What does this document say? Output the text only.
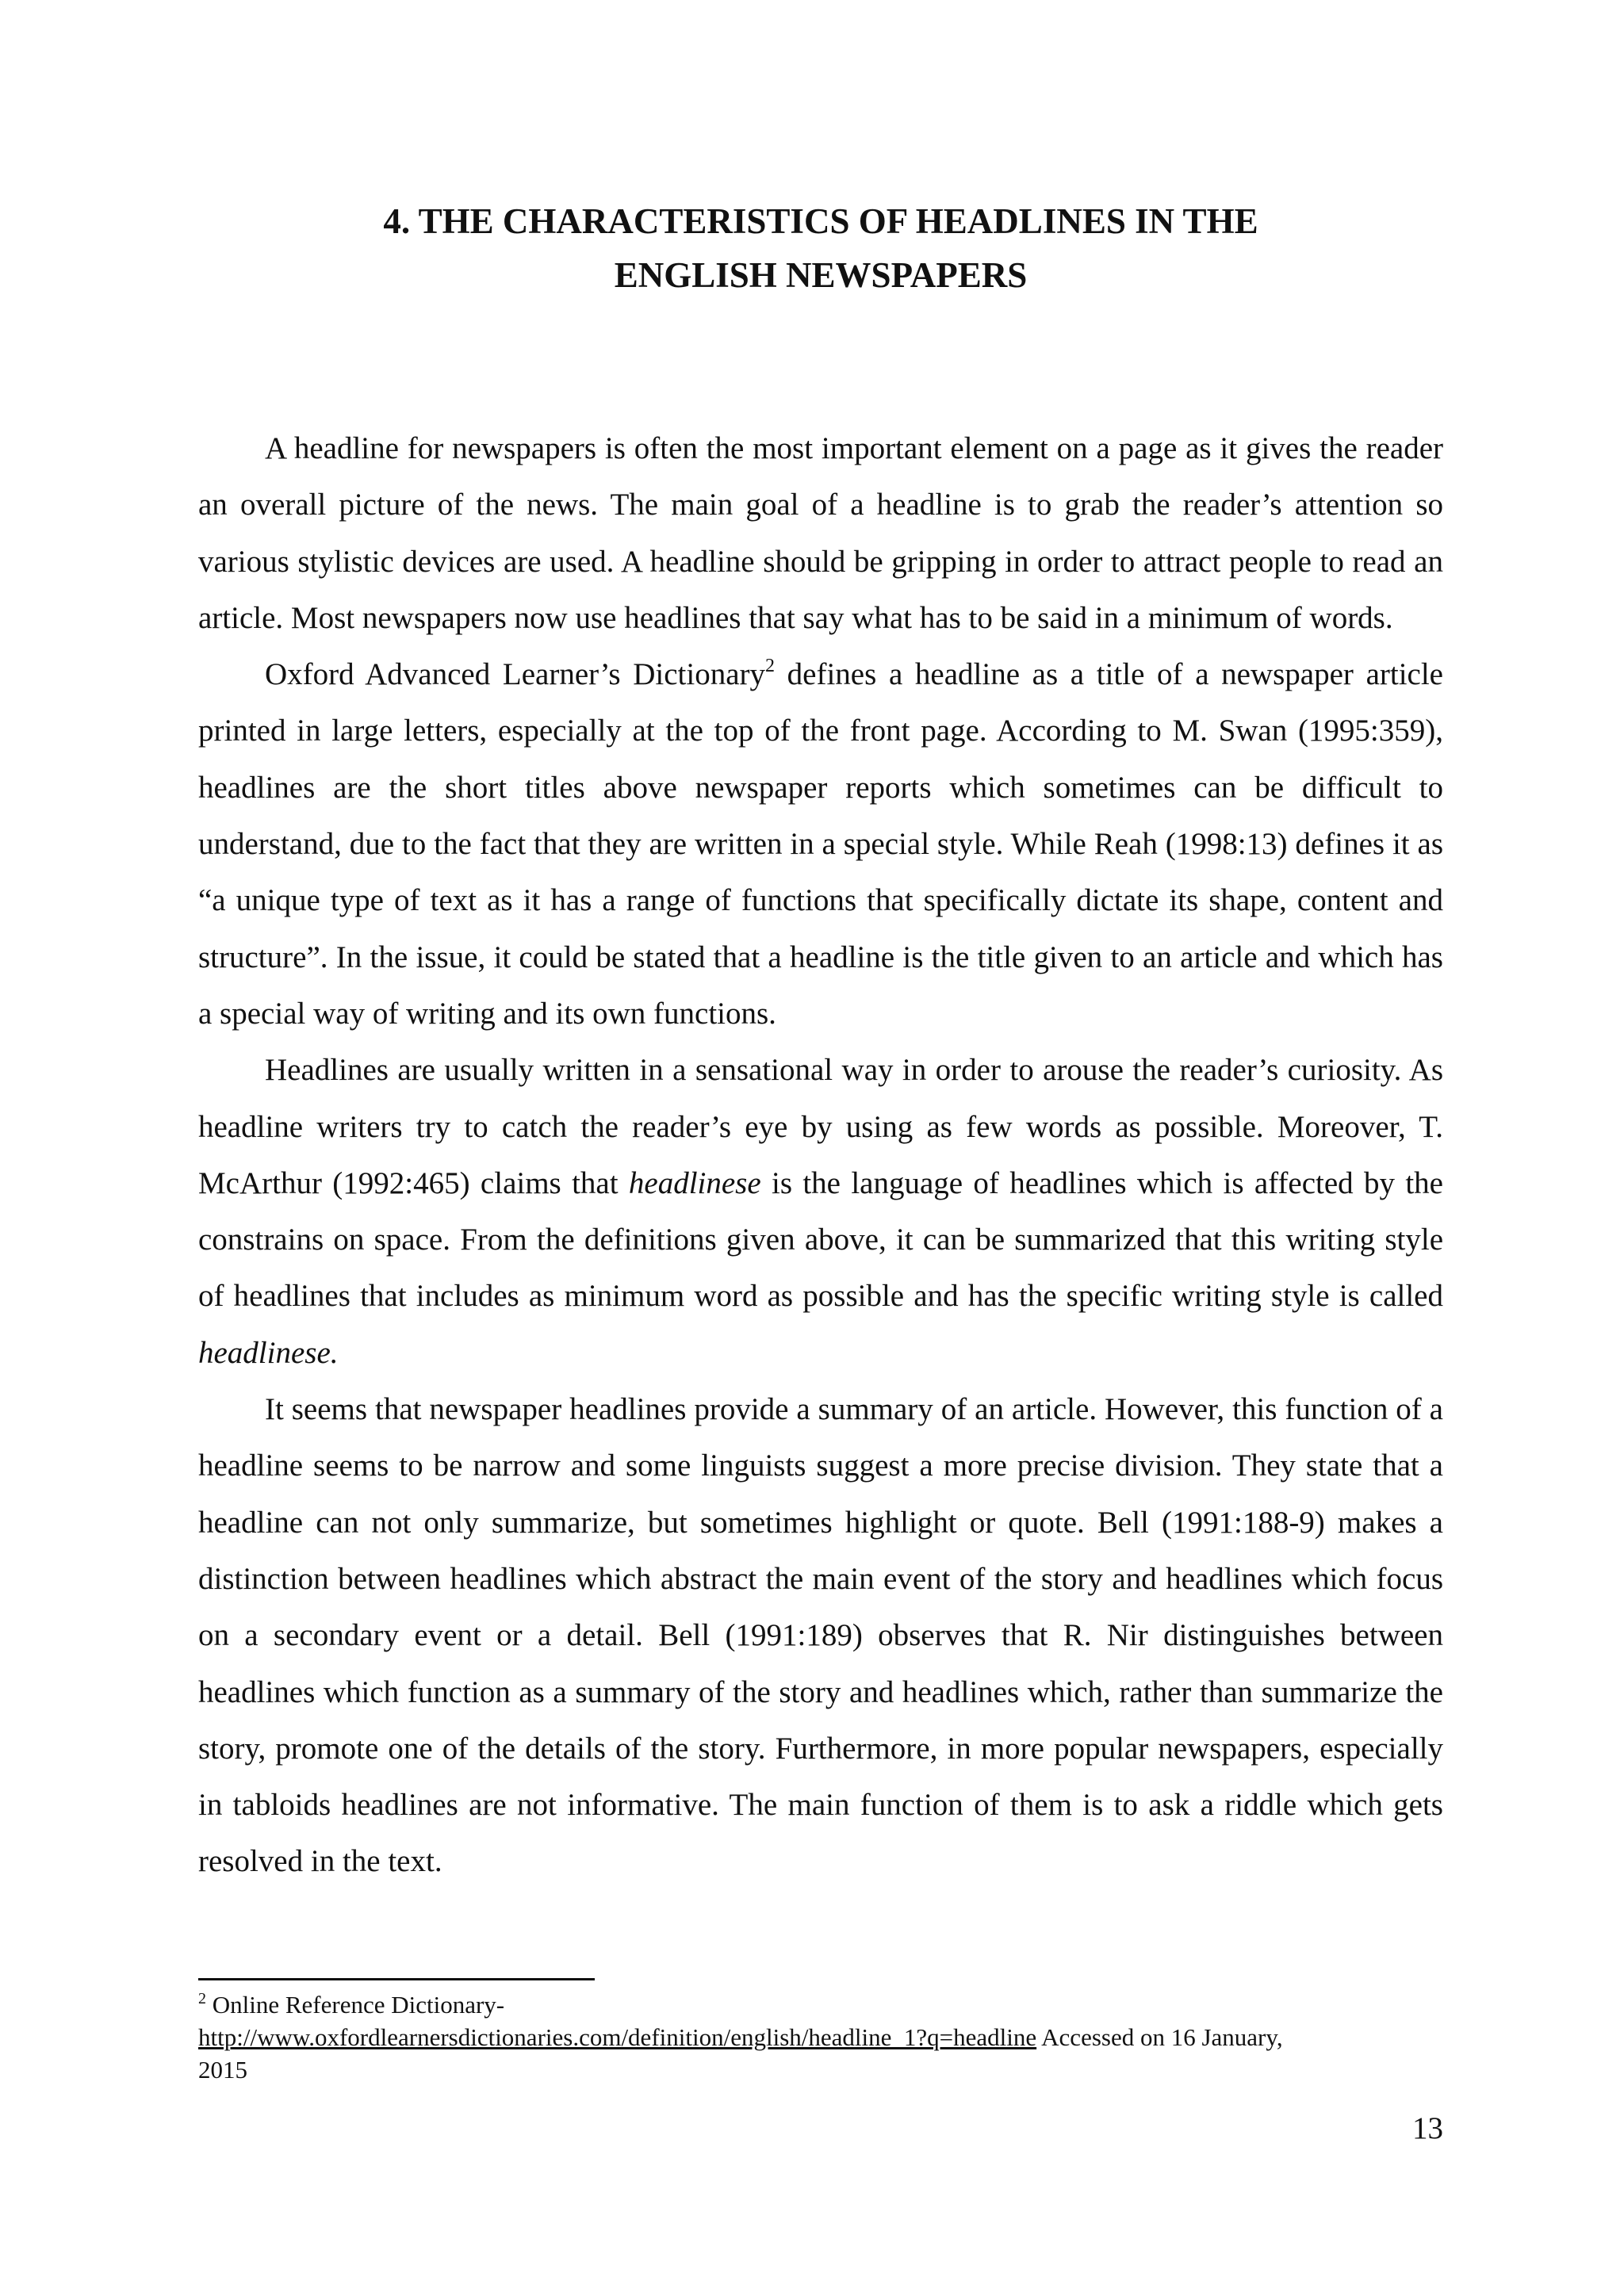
4. THE CHARACTERISTICS OF HEADLINES IN THE
ENGLISH NEWSPAPERS

A headline for newspapers is often the most important element on a page as it gives the reader an overall picture of the news. The main goal of a headline is to grab the reader’s attention so various stylistic devices are used. A headline should be gripping in order to attract people to read an article. Most newspapers now use headlines that say what has to be said in a minimum of words.

Oxford Advanced Learner’s Dictionary$^2$ defines a headline as a title of a newspaper article printed in large letters, especially at the top of the front page. According to M. Swan (1995:359), headlines are the short titles above newspaper reports which sometimes can be difficult to understand, due to the fact that they are written in a special style. While Reah (1998:13) defines it as “a unique type of text as it has a range of functions that specifically dictate its shape, content and structure”. In the issue, it could be stated that a headline is the title given to an article and which has a special way of writing and its own functions.

Headlines are usually written in a sensational way in order to arouse the reader’s curiosity. As headline writers try to catch the reader’s eye by using as few words as possible. Moreover, T. McArthur (1992:465) claims that headlinese is the language of headlines which is affected by the constrains on space. From the definitions given above, it can be summarized that this writing style of headlines that includes as minimum word as possible and has the specific writing style is called headlinese.

It seems that newspaper headlines provide a summary of an article. However, this function of a headline seems to be narrow and some linguists suggest a more precise division. They state that a headline can not only summarize, but sometimes highlight or quote. Bell (1991:188-9) makes a distinction between headlines which abstract the main event of the story and headlines which focus on a secondary event or a detail. Bell (1991:189) observes that R. Nir distinguishes between headlines which function as a summary of the story and headlines which, rather than summarize the story, promote one of the details of the story. Furthermore, in more popular newspapers, especially in tabloids headlines are not informative. The main function of them is to ask a riddle which gets resolved in the text.

$^2$ Online Reference Dictionary-
http://www.oxfordlearnersdictionaries.com/definition/english/headline_1?q=headline Accessed on 16 January,
2015
13
